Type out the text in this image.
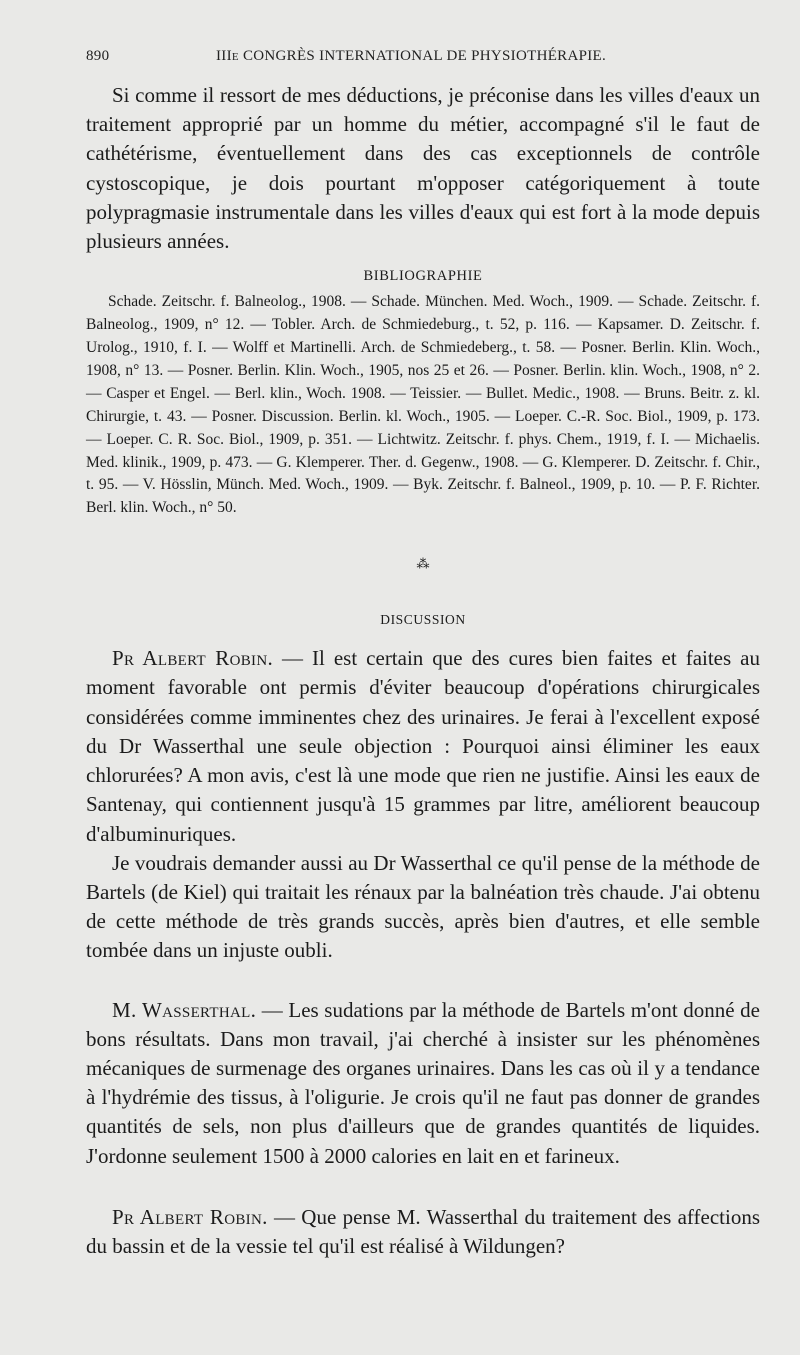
890	IIIe CONGRÈS INTERNATIONAL DE PHYSIOTHÉRAPIE.

Si comme il ressort de mes déductions, je préconise dans les villes d'eaux un traitement approprié par un homme du métier, accompagné s'il le faut de cathétérisme, éventuellement dans des cas exceptionnels de contrôle cystoscopique, je dois pourtant m'opposer catégoriquement à toute polypragmasie instrumentale dans les villes d'eaux qui est fort à la mode depuis plusieurs années.

BIBLIOGRAPHIE

Schade. Zeitschr. f. Balneolog., 1908. — Schade. München. Med. Woch., 1909. — Schade. Zeitschr. f. Balneolog., 1909, n° 12. — Tobler. Arch. de Schmiedeburg., t. 52, p. 116. — Kapsamer. D. Zeitschr. f. Urolog., 1910, f. I. — Wolff et Martinelli. Arch. de Schmiedeberg., t. 58. — Posner. Berlin. Klin. Woch., 1908, n° 13. — Posner. Berlin. Klin. Woch., 1905, nos 25 et 26. — Posner. Berlin. klin. Woch., 1908, n° 2. — Casper et Engel. — Berl. klin., Woch. 1908. — Teissier. — Bullet. Medic., 1908. — Bruns. Beitr. z. kl. Chirurgie, t. 43. — Posner. Discussion. Berlin. kl. Woch., 1905. — Loeper. C.-R. Soc. Biol., 1909, p. 173. — Loeper. C. R. Soc. Biol., 1909, p. 351. — Lichtwitz. Zeitschr. f. phys. Chem., 1919, f. I. — Michaelis. Med. klinik., 1909, p. 473. — G. Klemperer. Ther. d. Gegenw., 1908. — G. Klemperer. D. Zeitschr. f. Chir., t. 95. — V. Hösslin, Münch. Med. Woch., 1909. — Byk. Zeitschr. f. Balneol., 1909, p. 10. — P. F. Richter. Berl. klin. Woch., n° 50.

⁂
DISCUSSION

Pr Albert Robin. — Il est certain que des cures bien faites et faites au moment favorable ont permis d'éviter beaucoup d'opérations chirurgicales considérées comme imminentes chez des urinaires. Je ferai à l'excellent exposé du Dr Wasserthal une seule objection : Pourquoi ainsi éliminer les eaux chlorurées? A mon avis, c'est là une mode que rien ne justifie. Ainsi les eaux de Santenay, qui contiennent jusqu'à 15 grammes par litre, améliorent beaucoup d'albuminuriques.

Je voudrais demander aussi au Dr Wasserthal ce qu'il pense de la méthode de Bartels (de Kiel) qui traitait les rénaux par la balnéation très chaude. J'ai obtenu de cette méthode de très grands succès, après bien d'autres, et elle semble tombée dans un injuste oubli.

M. Wasserthal. — Les sudations par la méthode de Bartels m'ont donné de bons résultats. Dans mon travail, j'ai cherché à insister sur les phénomènes mécaniques de surmenage des organes urinaires. Dans les cas où il y a tendance à l'hydrémie des tissus, à l'oligurie. Je crois qu'il ne faut pas donner de grandes quantités de sels, non plus d'ailleurs que de grandes quantités de liquides. J'ordonne seulement 1500 à 2000 calories en lait en et farineux.

Pr Albert Robin. — Que pense M. Wasserthal du traitement des affections du bassin et de la vessie tel qu'il est réalisé à Wildungen?
